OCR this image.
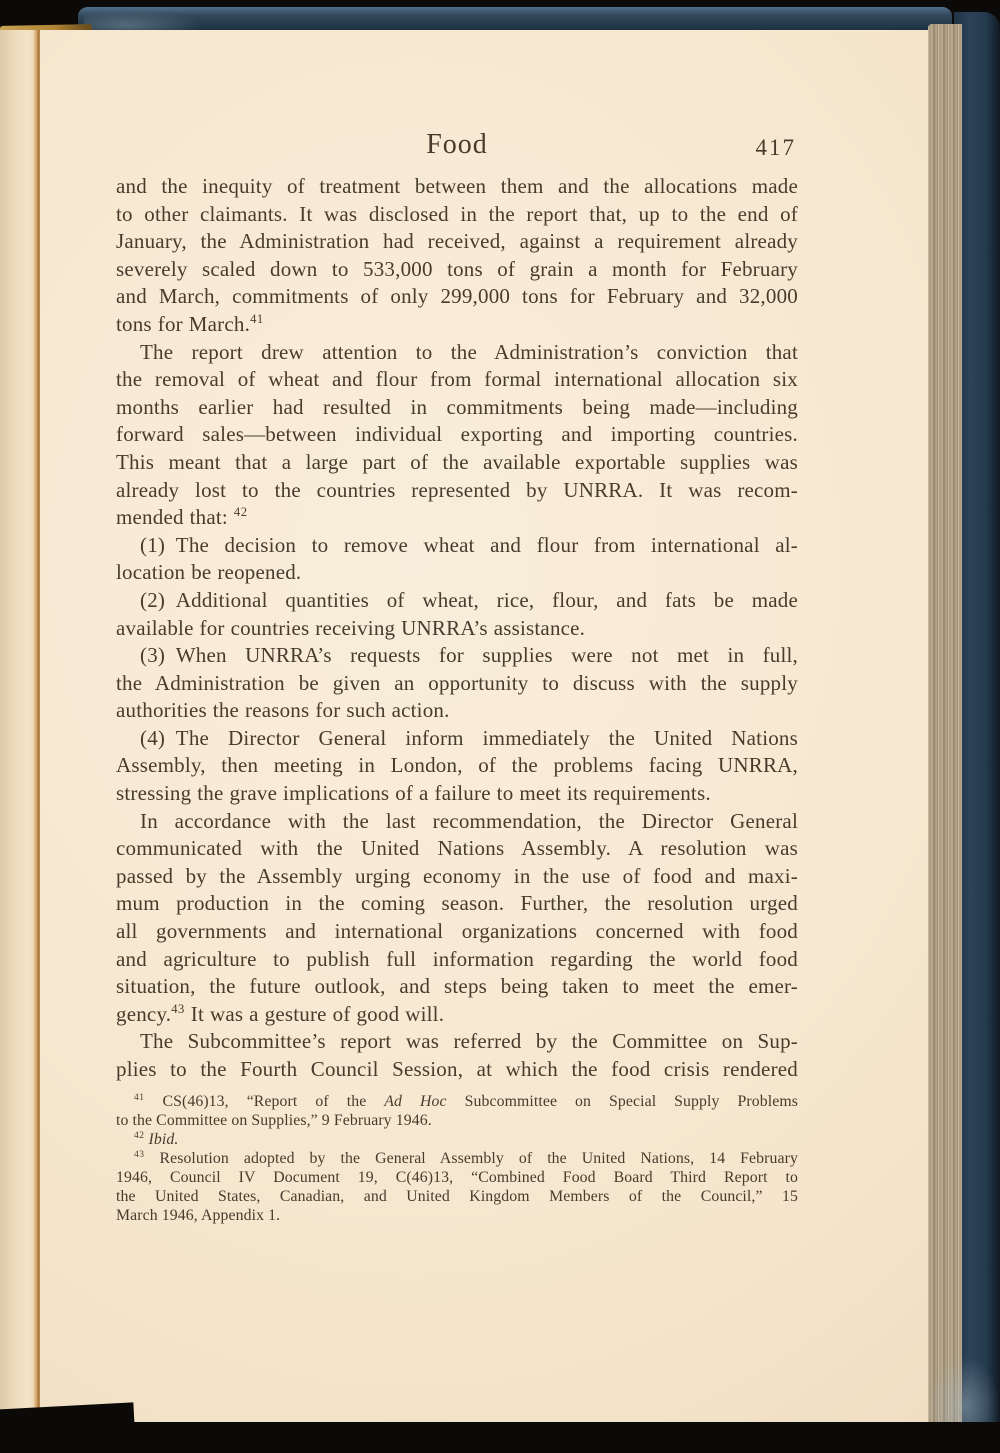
Food	417
and the inequity of treatment between them and the allocations made
to other claimants. It was disclosed in the report that, up to the end of
January, the Administration had received, against a requirement already
severely scaled down to 533,000 tons of grain a month for February
and March, commitments of only 299,000 tons for February and 32,000
tons for March.$^{41}$
The report drew attention to the Administration’s conviction that
the removal of wheat and flour from formal international allocation six
months earlier had resulted in commitments being made—including
forward sales—between individual exporting and importing countries.
This meant that a large part of the available exportable supplies was
already lost to the countries represented by UNRRA. It was recom-
mended that: $^{42}$
(1) The decision to remove wheat and flour from international al-
location be reopened.
(2) Additional quantities of wheat, rice, flour, and fats be made
available for countries receiving UNRRA’s assistance.
(3) When UNRRA’s requests for supplies were not met in full,
the Administration be given an opportunity to discuss with the supply
authorities the reasons for such action.
(4) The Director General inform immediately the United Nations
Assembly, then meeting in London, of the problems facing UNRRA,
stressing the grave implications of a failure to meet its requirements.
In accordance with the last recommendation, the Director General
communicated with the United Nations Assembly. A resolution was
passed by the Assembly urging economy in the use of food and maxi-
mum production in the coming season. Further, the resolution urged
all governments and international organizations concerned with food
and agriculture to publish full information regarding the world food
situation, the future outlook, and steps being taken to meet the emer-
gency.$^{43}$ It was a gesture of good will.
The Subcommittee’s report was referred by the Committee on Sup-
plies to the Fourth Council Session, at which the food crisis rendered
$^{41}$ CS(46)13, “Report of the Ad Hoc Subcommittee on Special Supply Problems
to the Committee on Supplies,” 9 February 1946.
$^{42}$ Ibid.
$^{43}$ Resolution adopted by the General Assembly of the United Nations, 14 February
1946, Council IV Document 19, C(46)13, “Combined Food Board Third Report to
the United States, Canadian, and United Kingdom Members of the Council,” 15
March 1946, Appendix 1.
